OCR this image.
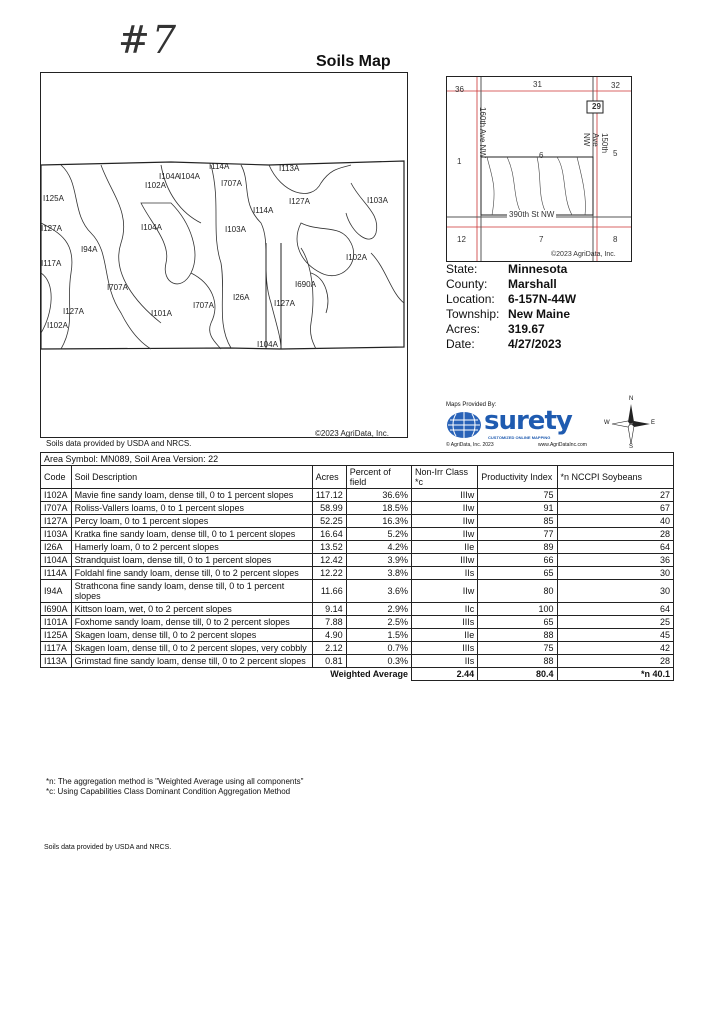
#7	Soils Map
I114A	I113A
I104A I104A
I102A	I707A
I125A	I127A	I103A
I104A
I114A
I103A
I127A
I94A
I102A
I117A
I707A	I690A
I26A
I127A
I101A
I707A
I127A
I102A
I104A
©2023 AgriData, Inc.
Soils data provided by USDA and NRCS.
36
31	32
1
6	5
12	7	8
160th Ave NW	150th Ave NW
390th St NW
29
©2023 AgriData, Inc.
State:	Minnesota
County:	Marshall
Location:	6-157N-44W
Township: New Maine
Acres:	319.67
Date:	4/27/2023
Maps Provided By:
surety
CUSTOMIZED ONLINE MAPPING
© AgriData, Inc. 2023	www.AgriDataInc.com
N
S
E
W
Area Symbol: MN089, Soil Area Version: 22						
Code	Soil Description	Acres	Percent of field	Non-Irr Class *c	Productivity Index	*n NCCPI Soybeans
I102A	Mavie fine sandy loam, dense till, 0 to 1 percent slopes	117.12	36.6%	IIIw	75	27
I707A	Roliss-Vallers loams, 0 to 1 percent slopes	58.99	18.5%	IIw	91	67
I127A	Percy loam, 0 to 1 percent slopes	52.25	16.3%	IIw	85	40
I103A	Kratka fine sandy loam, dense till, 0 to 1 percent slopes	16.64	5.2%	IIw	77	28
I26A	Hamerly loam, 0 to 2 percent slopes	13.52	4.2%	IIe	89	64
I104A	Strandquist loam, dense till, 0 to 1 percent slopes	12.42	3.9%	IIIw	66	36
I114A	Foldahl fine sandy loam, dense till, 0 to 2 percent slopes	12.22	3.8%	IIs	65	30
I94A	Strathcona fine sandy loam, dense till, 0 to 1 percent slopes	11.66	3.6%	IIw	80	30
I690A	Kittson loam, wet, 0 to 2 percent slopes	9.14	2.9%	IIc	100	64
I101A	Foxhome sandy loam, dense till, 0 to 2 percent slopes	7.88	2.5%	IIIs	65	25
I125A	Skagen loam, dense till, 0 to 2 percent slopes	4.90	1.5%	IIe	88	45
I117A	Skagen loam, dense till, 0 to 2 percent slopes, very cobbly	2.12	0.7%	IIIs	75	42
I113A	Grimstad fine sandy loam, dense till, 0 to 2 percent slopes	0.81	0.3%	IIs	88	28
Weighted Average				2.44	80.4	*n 40.1
*n: The aggregation method is "Weighted Average using all components"
*c: Using Capabilities Class Dominant Condition Aggregation Method
Soils data provided by USDA and NRCS.
